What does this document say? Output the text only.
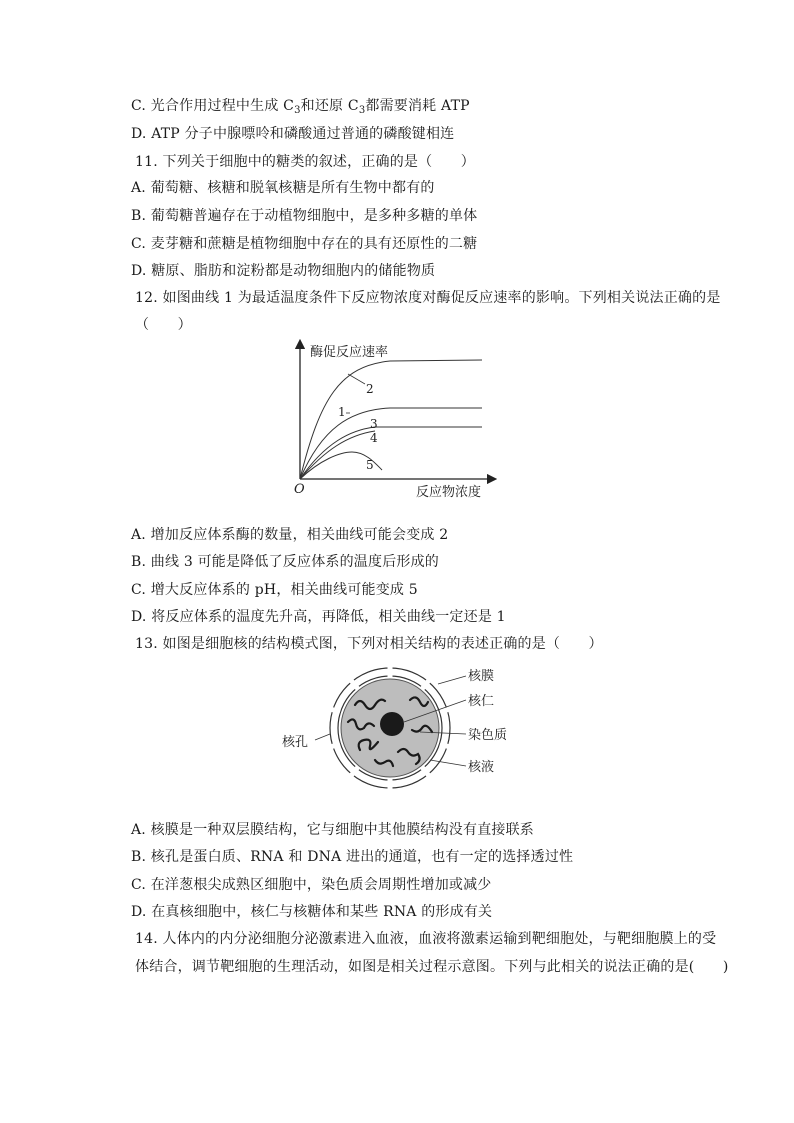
C. 光合作用过程中生成 $C_3$和还原 $C_3$都需要消耗 ATP
D. ATP 分子中腺嘌呤和磷酸通过普通的磷酸键相连
11. 下列关于细胞中的糖类的叙述，正确的是（　　）
A. 葡萄糖、核糖和脱氧核糖是所有生物中都有的
B. 葡萄糖普遍存在于动植物细胞中，是多种多糖的单体
C. 麦芽糖和蔗糖是植物细胞中存在的具有还原性的二糖
D. 糖原、脂肪和淀粉都是动物细胞内的储能物质
12. 如图曲线 1 为最适温度条件下反应物浓度对酶促反应速率的影响。下列相关说法正确的是
（　　）
酶促反应速率
反应物浓度
O
2
1
3
4
5
A. 增加反应体系酶的数量，相关曲线可能会变成 2
B. 曲线 3 可能是降低了反应体系的温度后形成的
C. 增大反应体系的 pH，相关曲线可能变成 5
D. 将反应体系的温度先升高，再降低，相关曲线一定还是 1
13. 如图是细胞核的结构模式图，下列对相关结构的表述正确的是（　　）
核膜
核仁
染色质
核液
核孔
A. 核膜是一种双层膜结构，它与细胞中其他膜结构没有直接联系
B. 核孔是蛋白质、RNA 和 DNA 进出的通道，也有一定的选择透过性
C. 在洋葱根尖成熟区细胞中，染色质会周期性增加或减少
D. 在真核细胞中，核仁与核糖体和某些 RNA 的形成有关
14. 人体内的内分泌细胞分泌激素进入血液，血液将激素运输到靶细胞处，与靶细胞膜上的受
体结合，调节靶细胞的生理活动，如图是相关过程示意图。下列与此相关的说法正确的是(　　)
